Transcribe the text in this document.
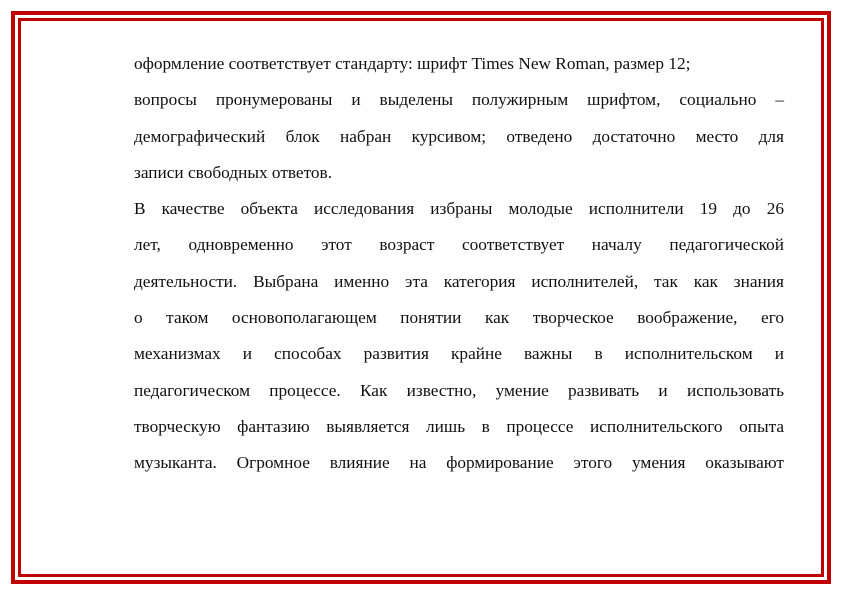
оформление соответствует стандарту: шрифт Times New Roman, размер 12;
вопросы пронумерованы и выделены полужирным шрифтом, социально –
демографический блок набран курсивом; отведено достаточно место для
записи свободных ответов.

В качестве объекта исследования избраны молодые исполнители 19 до 26
лет, одновременно этот возраст соответствует началу педагогической
деятельности. Выбрана именно эта категория исполнителей, так как знания
о таком основополагающем понятии как творческое воображение, его
механизмах и способах развития крайне важны в исполнительском и
педагогическом процессе. Как известно, умение развивать и использовать
творческую фантазию выявляется лишь в процессе исполнительского опыта
музыканта. Огромное влияние на формирование этого умения оказывают
